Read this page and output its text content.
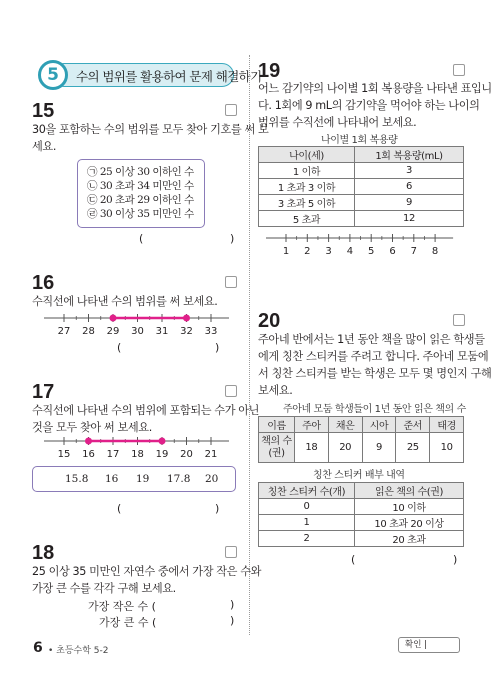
5	수의 범위를 활용하여 문제 해결하기
15
30을 포함하는 수의 범위를 모두 찾아 기호를 써 보
세요.
㉠ 25 이상 30 이하인 수
㉡ 30 초과 34 미만인 수
㉢ 20 초과 29 이하인 수
㉣ 30 이상 35 미만인 수
(	)
16
수직선에 나타낸 수의 범위를 써 보세요.
27 28 29 30 31 32 33
(	)
17
수직선에 나타낸 수의 범위에 포함되는 수가 아닌
것을 모두 찾아 써 보세요.
15 16 17 18 19 20 21
15.8 16 19 17.8 20
(	)
18
25 이상 35 미만인 자연수 중에서 가장 작은 수와
가장 큰 수를 각각 구해 보세요.
가장 작은 수 (	)
가장 큰 수 (	)
19
어느 감기약의 나이별 1회 복용량을 나타낸 표입니
다. 1회에 9 mL의 감기약을 먹어야 하는 나이의
범위를 수직선에 나타내어 보세요.
나이별 1회 복용량
나이(세)	1회 복용량(mL)
1 이하	3
1 초과 3 이하	6
3 초과 5 이하	9
5 초과	12
1 2 3 4 5 6 7 8
20
주아네 반에서는 1년 동안 책을 많이 읽은 학생들
에게 칭찬 스티커를 주려고 합니다. 주아네 모둠에
서 칭찬 스티커를 받는 학생은 모두 몇 명인지 구해
보세요.
주아네 모둠 학생들이 1년 동안 읽은 책의 수
이름	주아	채은	시아	준서	태경
책의 수
(권)	18	20	9	25	10
칭찬 스티커 배부 내역
칭찬 스티커 수(개)	읽은 책의 수(권)
0	10 이하
1	10 초과 20 이상
2	20 초과
(	)
6 • 초등수학 5-2
확인 |
